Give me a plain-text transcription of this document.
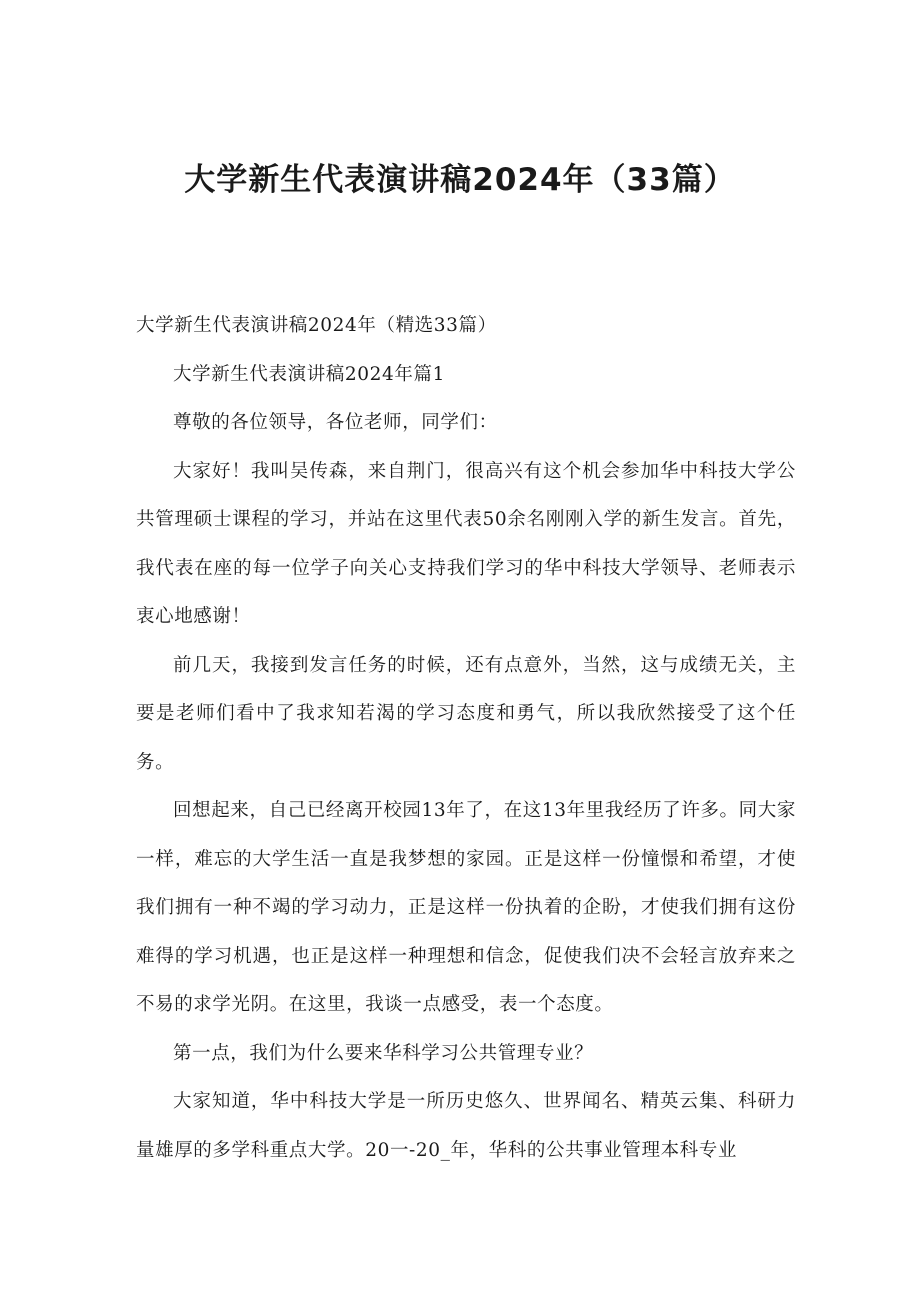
大学新生代表演讲稿2024年（33篇）

大学新生代表演讲稿2024年（精选33篇）

大学新生代表演讲稿2024年篇1

尊敬的各位领导，各位老师，同学们：

大家好！我叫吴传森，来自荆门，很高兴有这个机会参加华中科技大学公共管理硕士课程的学习，并站在这里代表50余名刚刚入学的新生发言。首先，我代表在座的每一位学子向关心支持我们学习的华中科技大学领导、老师表示衷心地感谢！

前几天，我接到发言任务的时候，还有点意外，当然，这与成绩无关，主要是老师们看中了我求知若渴的学习态度和勇气，所以我欣然接受了这个任务。

回想起来，自己已经离开校园13年了，在这13年里我经历了许多。同大家一样，难忘的大学生活一直是我梦想的家园。正是这样一份憧憬和希望，才使我们拥有一种不竭的学习动力，正是这样一份执着的企盼，才使我们拥有这份难得的学习机遇，也正是这样一种理想和信念，促使我们决不会轻言放弃来之不易的求学光阴。在这里，我谈一点感受，表一个态度。

第一点，我们为什么要来华科学习公共管理专业？

大家知道，华中科技大学是一所历史悠久、世界闻名、精英云集、科研力量雄厚的多学科重点大学。20一-20_年，华科的公共事业管理本科专业
